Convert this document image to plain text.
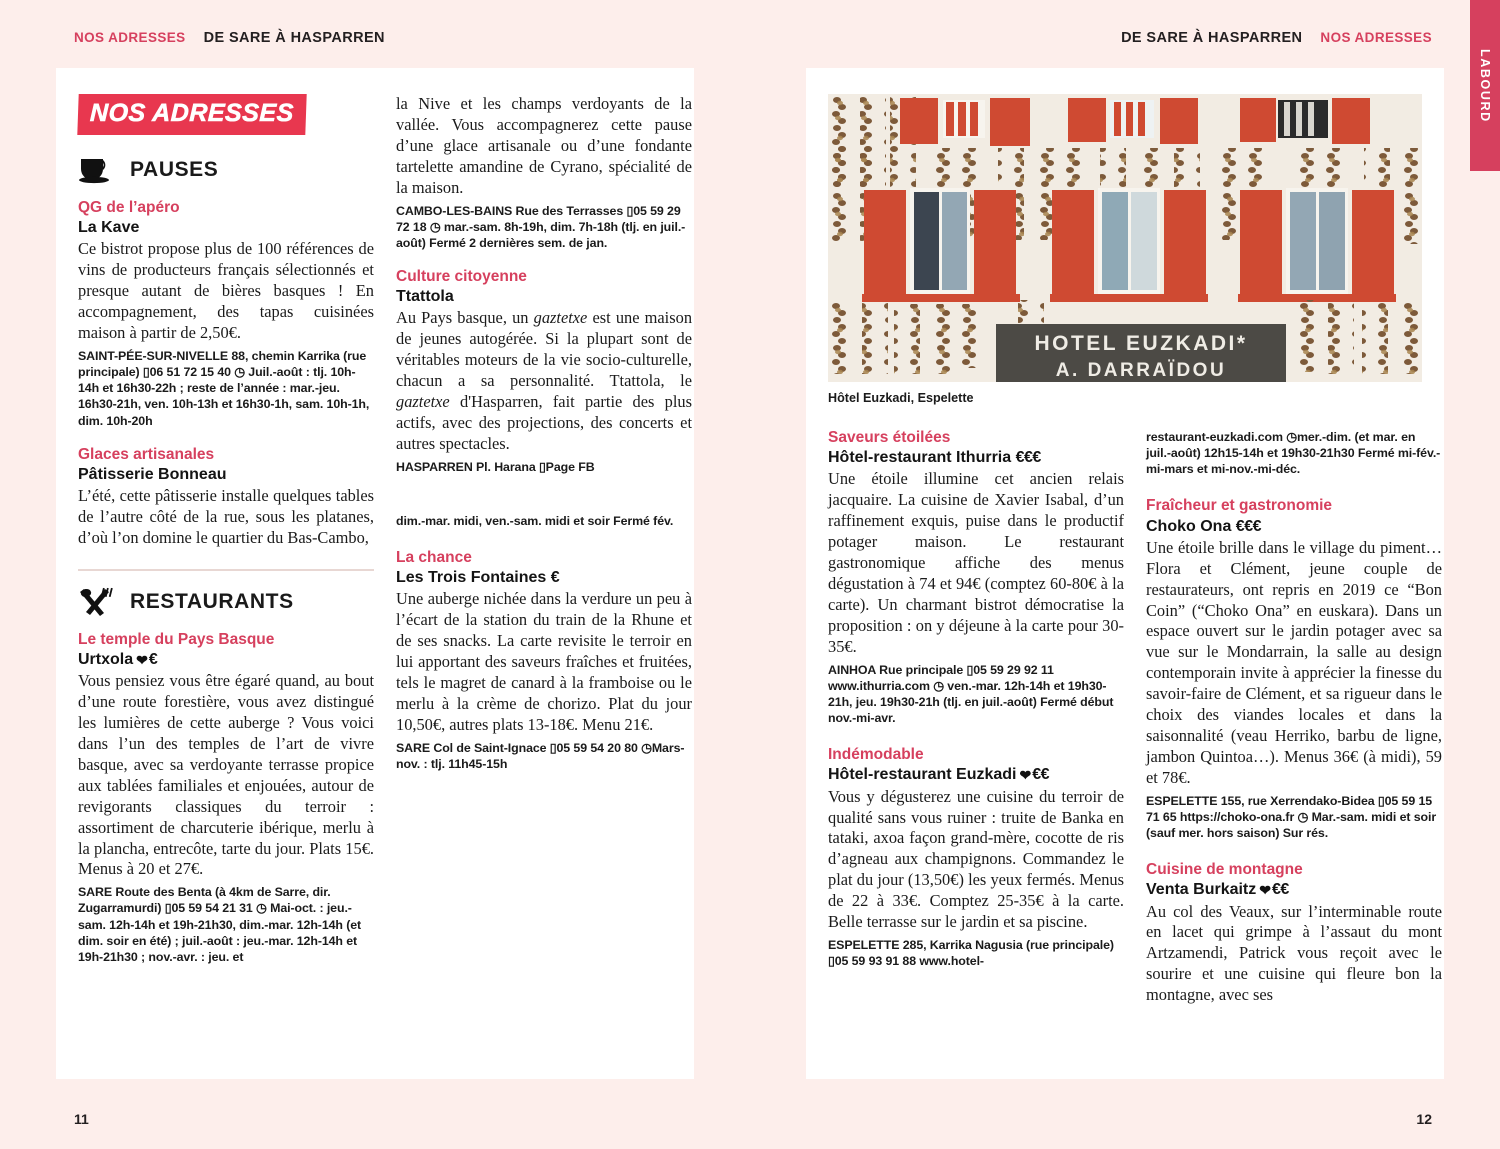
NOS ADRESSES DE SARE À HASPARREN	DE SARE À HASPARREN NOS ADRESSES
LABOURD
NOS ADRESSES
PAUSES
QG de l’apéro
La Kave

Ce bistrot propose plus de 100 références de vins de producteurs français sélectionnés et presque autant de bières basques ! En accompagnement, des tapas cuisinées maison à partir de 2,50€.

SAINT-PÉE-SUR-NIVELLE 88, chemin Karrika (rue principale) ▯06 51 72 15 40 ◷ Juil.-août : tlj. 10h-14h et 16h30-22h ; reste de l’année : mar.-jeu. 16h30-21h, ven. 10h-13h et 16h30-1h, sam. 10h-1h, dim. 10h-20h

Glaces artisanales
Pâtisserie Bonneau

L’été, cette pâtisserie installe quelques tables de l’autre côté de la rue, sous les platanes, d’où l’on domine le quartier du Bas-Cambo,

RESTAURANTS
Le temple du Pays Basque
Urtxola ❤€

Vous pensiez vous être égaré quand, au bout d’une route forestière, vous avez distingué les lumières de cette auberge ? Vous voici dans l’un des temples de l’art de vivre basque, avec sa verdoyante terrasse propice aux tablées familiales et enjouées, autour de revigorants classiques du terroir : assortiment de charcuterie ibérique, merlu à la plancha, entrecôte, tarte du jour. Plats 15€. Menus à 20 et 27€.

SARE Route des Benta (à 4km de Sarre, dir. Zugarramurdi) ▯05 59 54 21 31 ◷ Mai-oct. : jeu.-sam. 12h-14h et 19h-21h30, dim.-mar. 12h-14h (et dim. soir en été) ; juil.-août : jeu.-mar. 12h-14h et 19h-21h30 ; nov.-avr. : jeu. et

la Nive et les champs verdoyants de la vallée. Vous accompagnerez cette pause d’une glace artisanale ou d’une fondante tartelette amandine de Cyrano, spécialité de la maison.

CAMBO-LES-BAINS Rue des Terrasses ▯05 59 29 72 18 ◷ mar.-sam. 8h-19h, dim. 7h-18h (tlj. en juil.-août) Fermé 2 dernières sem. de jan.

Culture citoyenne
Ttattola

Au Pays basque, un gaztetxe est une maison de jeunes autogérée. Si la plupart sont de véritables moteurs de la vie socio-culturelle, chacun a sa personnalité. Ttattola, le gaztetxe d'Hasparren, fait partie des plus actifs, avec des projections, des concerts et autres spectacles.

HASPARREN Pl. Harana ▯Page FB

dim.-mar. midi, ven.-sam. midi et soir Fermé fév.

La chance
Les Trois Fontaines €

Une auberge nichée dans la verdure un peu à l’écart de la station du train de la Rhune et de ses snacks. La carte revisite le terroir en lui apportant des saveurs fraîches et fruitées, tels le magret de canard à la framboise ou le merlu à la crème de chorizo. Plat du jour 10,50€, autres plats 13-18€. Menu 21€.

SARE Col de Saint-Ignace ▯05 59 54 20 80 ◷Mars-nov. : tlj. 11h45-15h

HOTEL EUZKADI*
A. DARRAÏDOU
Hôtel Euzkadi, Espelette
Saveurs étoilées
Hôtel-restaurant Ithurria €€€

Une étoile illumine cet ancien relais jacquaire. La cuisine de Xavier Isabal, d’un raffinement exquis, puise dans le productif potager maison. Le restaurant gastronomique affiche des menus dégustation à 74 et 94€ (comptez 60-80€ à la carte). Un charmant bistrot démocratise la proposition : on y déjeune à la carte pour 30-35€.

AINHOA Rue principale ▯05 59 29 92 11 www.ithurria.com ◷ ven.-mar. 12h-14h et 19h30-21h, jeu. 19h30-21h (tlj. en juil.-août) Fermé début nov.-mi-avr.

Indémodable
Hôtel-restaurant Euzkadi ❤€€

Vous y dégusterez une cuisine du terroir de qualité sans vous ruiner : truite de Banka en tataki, axoa façon grand-mère, cocotte de ris d’agneau aux champignons. Commandez le plat du jour (13,50€) les yeux fermés. Menus de 22 à 33€. Comptez 25-35€ à la carte. Belle terrasse sur le jardin et sa piscine.

ESPELETTE 285, Karrika Nagusia (rue principale) ▯05 59 93 91 88 www.hotel-

restaurant-euzkadi.com ◷mer.-dim. (et mar. en juil.-août) 12h15-14h et 19h30-21h30 Fermé mi-fév.-mi-mars et mi-nov.-mi-déc.

Fraîcheur et gastronomie
Choko Ona €€€

Une étoile brille dans le village du piment… Flora et Clément, jeune couple de restaurateurs, ont repris en 2019 ce “Bon Coin” (“Choko Ona” en euskara). Dans un espace ouvert sur le jardin potager avec sa vue sur le Mondarrain, la salle au design contemporain invite à apprécier la finesse du savoir-faire de Clément, et sa rigueur dans le choix des viandes locales et dans la saisonnalité (veau Herriko, barbu de ligne, jambon Quintoa…). Menus 36€ (à midi), 59 et 78€.

ESPELETTE 155, rue Xerrendako-Bidea ▯05 59 15 71 65 https://choko-ona.fr ◷ Mar.-sam. midi et soir (sauf mer. hors saison) Sur rés.

Cuisine de montagne
Venta Burkaitz ❤€€

Au col des Veaux, sur l’interminable route en lacet qui grimpe à l’assaut du mont Artzamendi, Patrick vous reçoit avec le sourire et une cuisine qui fleure bon la montagne, avec ses

11	12
